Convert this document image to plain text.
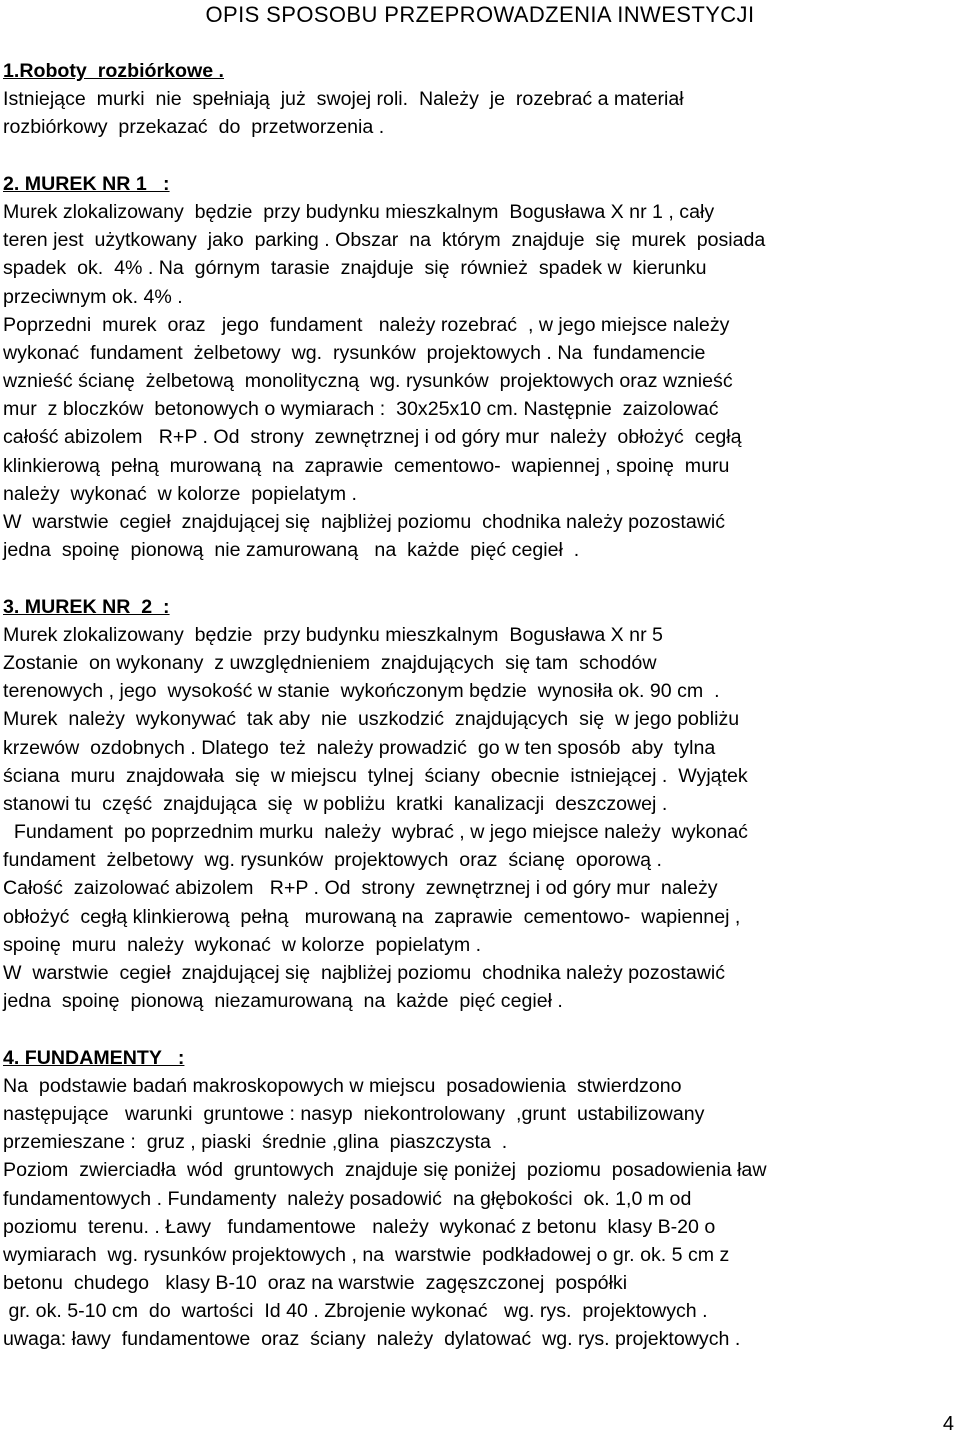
OPIS SPOSOBU PRZEPROWADZENIA INWESTYCJI
1.Roboty  rozbiórkowe .
Istniejące  murki  nie  spełniają  już  swojej roli.  Należy  je  rozebrać a materiał
rozbiórkowy  przekazać  do  przetworzenia .
2. MUREK NR 1   :
Murek zlokalizowany  będzie  przy budynku mieszkalnym  Bogusława X nr 1 , cały
teren jest  użytkowany  jako  parking . Obszar  na  którym  znajduje  się  murek  posiada
spadek  ok.  4% . Na  górnym  tarasie  znajduje  się  również  spadek w  kierunku
przeciwnym ok. 4% .
Poprzedni  murek  oraz   jego  fundament   należy rozebrać  , w jego miejsce należy
wykonać  fundament  żelbetowy  wg.  rysunków  projektowych . Na  fundamencie
wznieść ścianę  żelbetową  monolityczną  wg. rysunków  projektowych oraz wznieść
mur  z bloczków  betonowych o wymiarach :  30x25x10 cm. Następnie  zaizolować
całość abizolem   R+P . Od  strony  zewnętrznej i od góry mur  należy  obłożyć  cegłą
klinkierową  pełną  murowaną  na  zaprawie  cementowo-  wapiennej , spoinę  muru
należy  wykonać  w kolorze  popielatym .
W  warstwie  cegieł  znajdującej się  najbliżej poziomu  chodnika należy pozostawić
jedna  spoinę  pionową  nie zamurowaną   na  każde  pięć cegieł  .
3. MUREK NR  2  :
Murek zlokalizowany  będzie  przy budynku mieszkalnym  Bogusława X nr 5
Zostanie  on wykonany  z uwzględnieniem  znajdujących  się tam  schodów
terenowych , jego  wysokość w stanie  wykończonym będzie  wynosiła ok. 90 cm  .
Murek  należy  wykonywać  tak aby  nie  uszkodzić  znajdujących  się  w jego pobliżu
krzewów  ozdobnych . Dlatego  też  należy prowadzić  go w ten sposób  aby  tylna
ściana  muru  znajdowała  się  w miejscu  tylnej  ściany  obecnie  istniejącej .  Wyjątek
stanowi tu  część  znajdująca  się  w pobliżu  kratki  kanalizacji  deszczowej .
Fundament  po poprzednim murku  należy  wybrać , w jego miejsce należy  wykonać
fundament  żelbetowy  wg. rysunków  projektowych  oraz  ścianę  oporową .
Całość  zaizolować abizolem   R+P . Od  strony  zewnętrznej i od góry mur  należy
obłożyć  cegłą klinkierową  pełną   murowaną na  zaprawie  cementowo-  wapiennej ,
spoinę  muru  należy  wykonać  w kolorze  popielatym .
W  warstwie  cegieł  znajdującej się  najbliżej poziomu  chodnika należy pozostawić
jedna  spoinę  pionową  niezamurowaną  na  każde  pięć cegieł .
4. FUNDAMENTY   :
Na  podstawie badań makroskopowych w miejscu  posadowienia  stwierdzono
następujące   warunki  gruntowe : nasyp  niekontrolowany  ,grunt  ustabilizowany
przemieszane :  gruz , piaski  średnie ,glina  piaszczysta  .
Poziom  zwierciadła  wód  gruntowych  znajduje się poniżej  poziomu  posadowienia ław
fundamentowych . Fundamenty  należy posadowić  na głębokości  ok. 1,0 m od
poziomu  terenu. . Ławy   fundamentowe   należy  wykonać z betonu  klasy B-20 o
wymiarach  wg. rysunków projektowych , na  warstwie  podkładowej o gr. ok. 5 cm z
betonu  chudego   klasy B-10  oraz na warstwie  zagęszczonej  pospółki
gr. ok. 5-10 cm  do  wartości  Id 40 . Zbrojenie wykonać   wg. rys.  projektowych .
uwaga: ławy  fundamentowe  oraz  ściany  należy  dylatować  wg. rys. projektowych .
4
